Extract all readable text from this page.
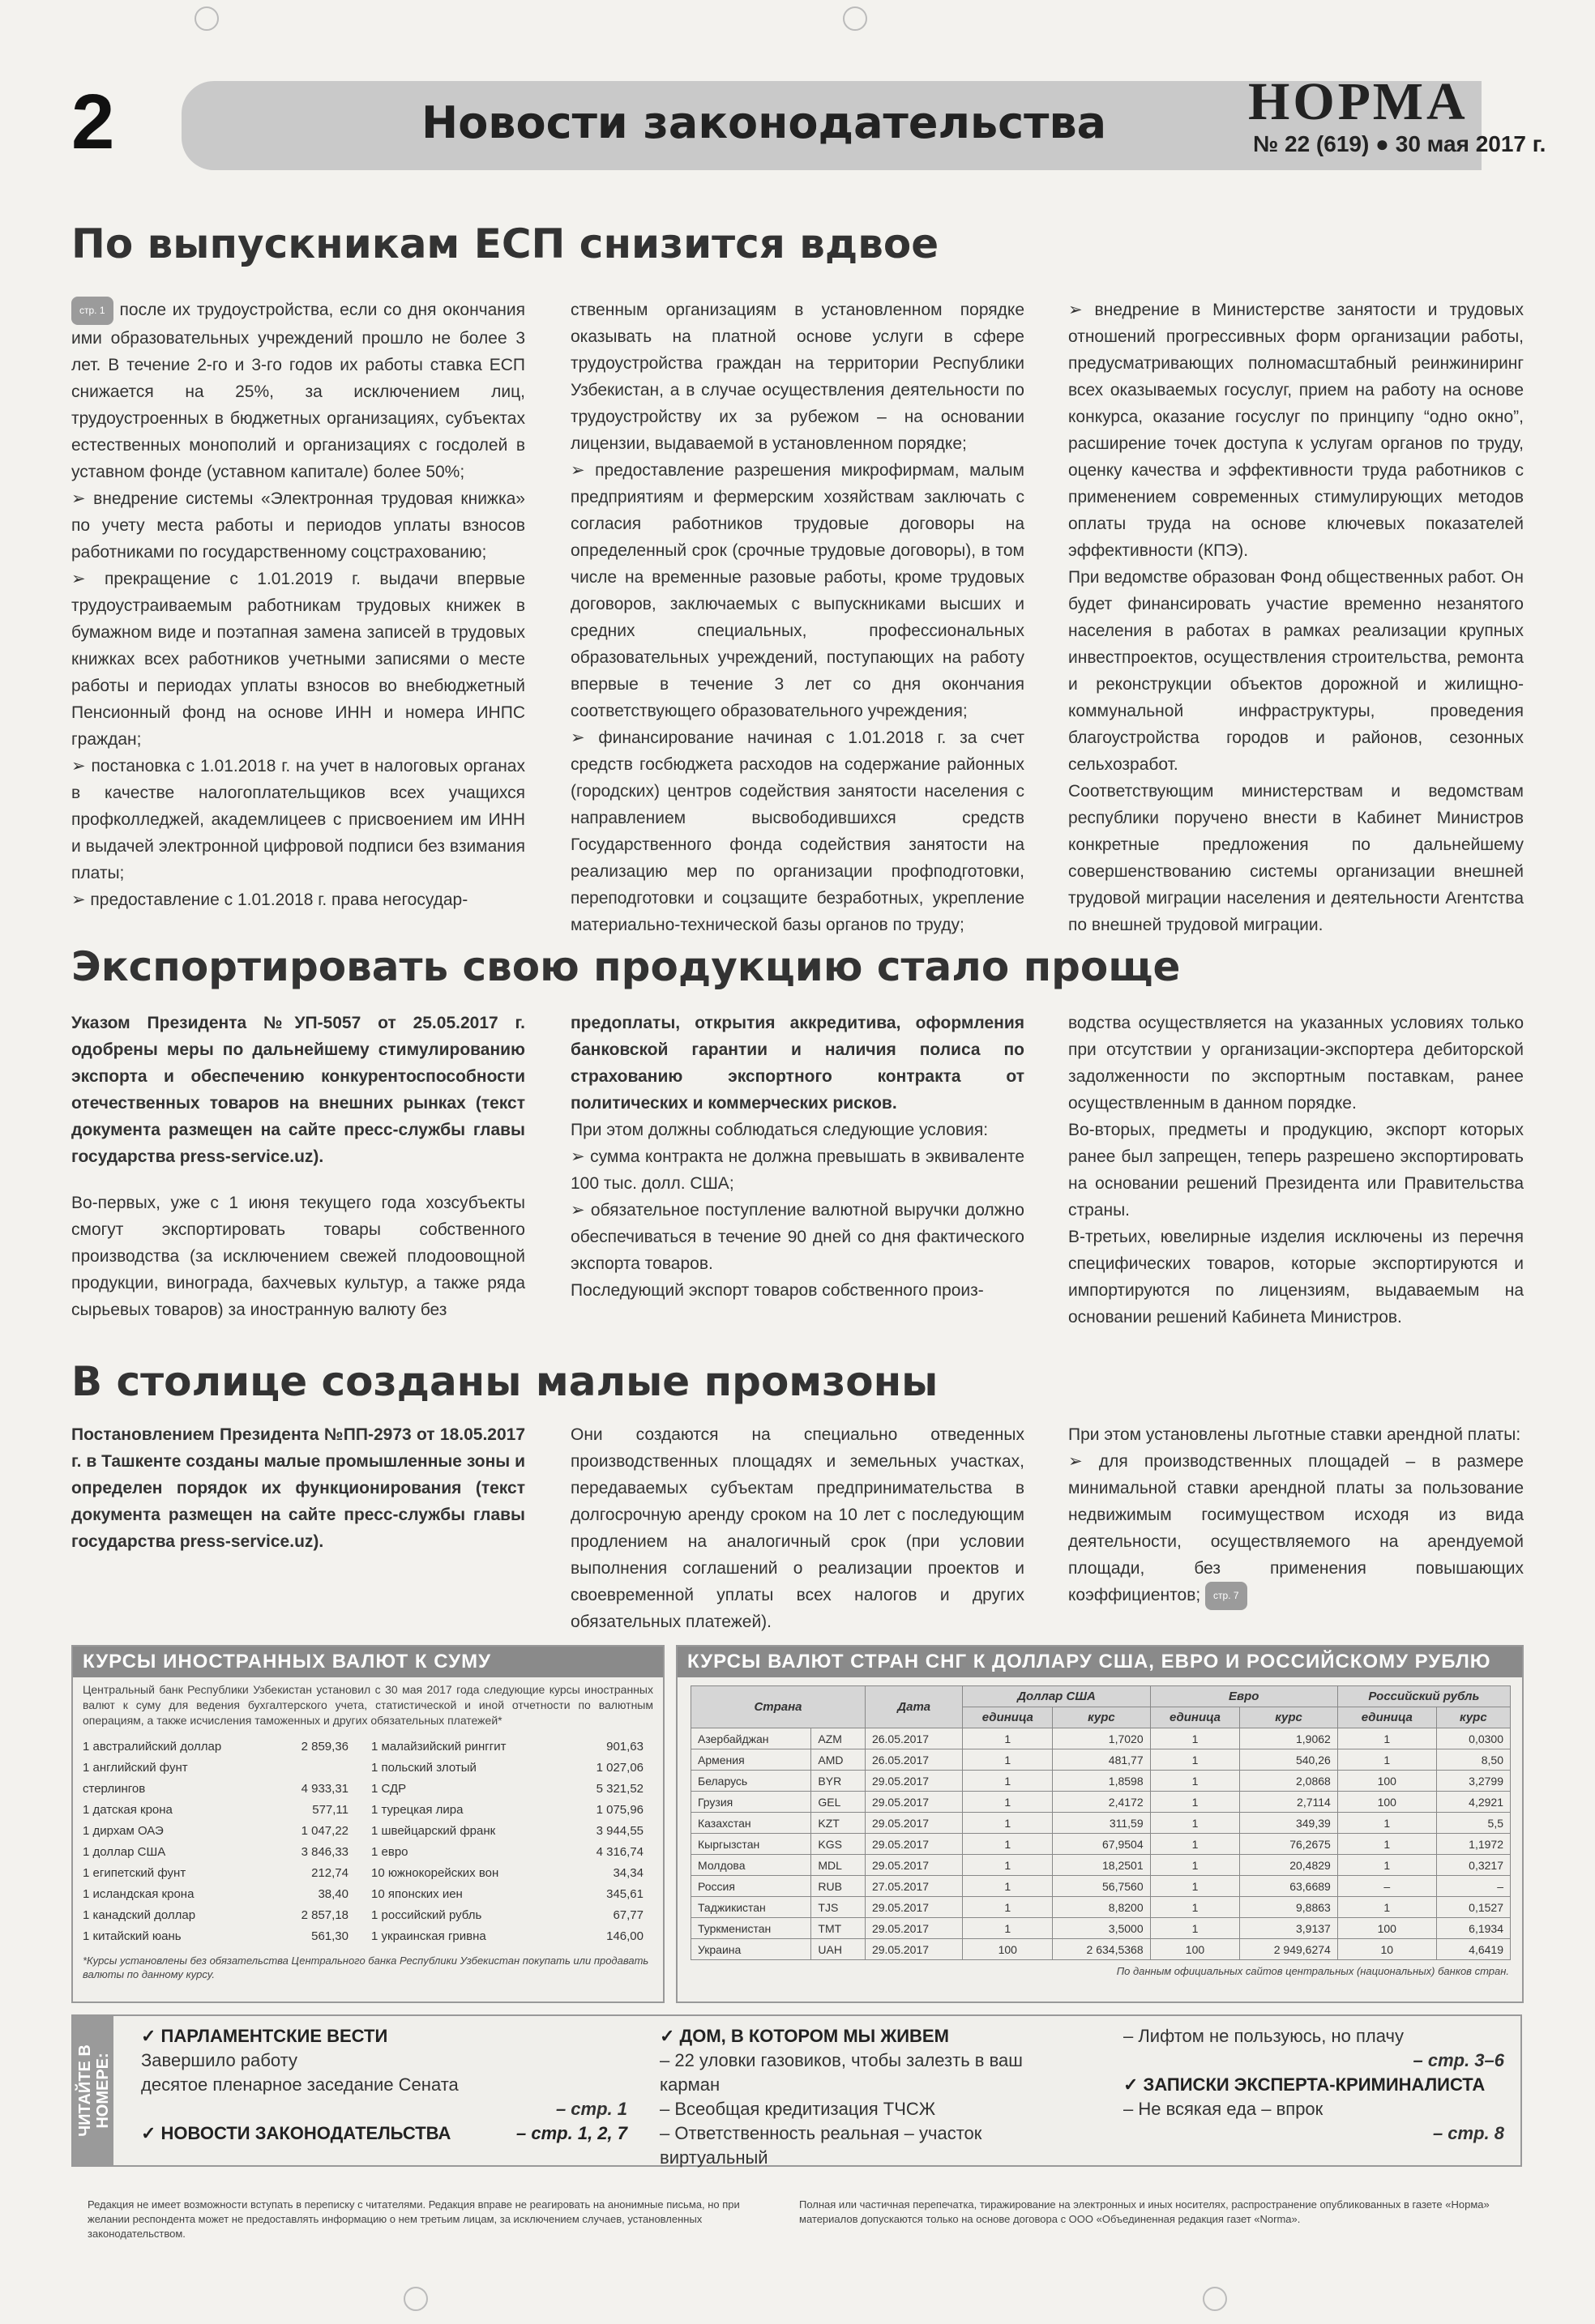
2	Новости законодательства	НОРМА
№ 22 (619) ● 30 мая 2017 г.
По выпускникам ЕСП снизится вдвое

стр. 1 после их трудоустройства, если со дня окончания ими образовательных учреждений прошло не более 3 лет. В течение 2-го и 3-го годов их работы ставка ЕСП снижается на 25%, за исключением лиц, трудоустроенных в бюджетных организациях, субъектах естественных монополий и организациях с госдолей в уставном фонде (уставном капитале) более 50%;

➢ внедрение системы «Электронная трудовая книжка» по учету места работы и периодов уплаты взносов работниками по государственному соцстрахованию;

➢ прекращение с 1.01.2019 г. выдачи впервые трудоустраиваемым работникам трудовых книжек в бумажном виде и поэтапная замена записей в трудовых книжках всех работников учетными записями о месте работы и периодах уплаты взносов во внебюджетный Пенсионный фонд на основе ИНН и номера ИНПС граждан;

➢ постановка с 1.01.2018 г. на учет в налоговых органах в качестве налогоплательщиков всех учащихся профколледжей, академлицеев с присвоением им ИНН и выдачей электронной цифровой подписи без взимания платы;

➢ предоставление с 1.01.2018 г. права негосудар-

ственным организациям в установленном порядке оказывать на платной основе услуги в сфере трудоустройства граждан на территории Республики Узбекистан, а в случае осуществления деятельности по трудоустройству их за рубежом – на основании лицензии, выдаваемой в установленном порядке;

➢ предоставление разрешения микрофирмам, малым предприятиям и фермерским хозяйствам заключать с согласия работников трудовые договоры на определенный срок (срочные трудовые договоры), в том числе на временные разовые работы, кроме трудовых договоров, заключаемых с выпускниками высших и средних специальных, профессиональных образовательных учреждений, поступающих на работу впервые в течение 3 лет со дня окончания соответствующего образовательного учреждения;

➢ финансирование начиная с 1.01.2018 г. за счет средств госбюджета расходов на содержание районных (городских) центров содействия занятости населения с направлением высвободившихся средств Государственного фонда содействия занятости на реализацию мер по организации профподготовки, переподготовки и соцзащите безработных, укрепление материально-технической базы органов по труду;

➢ внедрение в Министерстве занятости и трудовых отношений прогрессивных форм организации работы, предусматривающих полномасштабный реинжиниринг всех оказываемых госуслуг, прием на работу на основе конкурса, оказание госуслуг по принципу “одно окно”, расширение точек доступа к услугам органов по труду, оценку качества и эффективности труда работников с применением современных стимулирующих методов оплаты труда на основе ключевых показателей эффективности (КПЭ).

При ведомстве образован Фонд общественных работ. Он будет финансировать участие временно незанятого населения в работах в рамках реализации крупных инвестпроектов, осуществления строительства, ремонта и реконструкции объектов дорожной и жилищно-коммунальной инфраструктуры, проведения благоустройства городов и районов, сезонных сельхозработ.

Соответствующим министерствам и ведомствам республики поручено внести в Кабинет Министров конкретные предложения по дальнейшему совершенствованию системы организации внешней трудовой миграции населения и деятельности Агентства по внешней трудовой миграции.

Экспортировать свою продукцию стало проще

Указом Президента №УП-5057 от 25.05.2017 г. одобрены меры по дальнейшему стимулированию экспорта и обеспечению конкурентоспособности отечественных товаров на внешних рынках (текст документа размещен на сайте пресс-службы главы государства press-service.uz).

Во-первых, уже с 1 июня текущего года хозсубъекты смогут экспортировать товары собственного производства (за исключением свежей плодоовощной продукции, винограда, бахчевых культур, а также ряда сырьевых товаров) за иностранную валюту без

предоплаты, открытия аккредитива, оформления банковской гарантии и наличия полиса по страхованию экспортного контракта от политических и коммерческих рисков.

При этом должны соблюдаться следующие условия:

➢ сумма контракта не должна превышать в эквиваленте 100 тыс. долл. США;

➢ обязательное поступление валютной выручки должно обеспечиваться в течение 90 дней со дня фактического экспорта товаров.

Последующий экспорт товаров собственного произ-

водства осуществляется на указанных условиях только при отсутствии у организации-экспортера дебиторской задолженности по экспортным поставкам, ранее осуществленным в данном порядке.

Во-вторых, предметы и продукцию, экспорт которых ранее был запрещен, теперь разрешено экспортировать на основании решений Президента или Правительства страны.

В-третьих, ювелирные изделия исключены из перечня специфических товаров, которые экспортируются и импортируются по лицензиям, выдаваемым на основании решений Кабинета Министров.

В столице созданы малые промзоны

Постановлением Президента №ПП-2973 от 18.05.2017 г. в Ташкенте созданы малые промышленные зоны и определен порядок их функционирования (текст документа размещен на сайте пресс-службы главы государства press-service.uz).

Они создаются на специально отведенных производственных площадях и земельных участках, передаваемых субъектам предпринимательства в долгосрочную аренду сроком на 10 лет с последующим продлением на аналогичный срок (при условии выполнения соглашений о реализации проектов и своевременной уплаты всех налогов и других обязательных платежей).

При этом установлены льготные ставки арендной платы:

➢ для производственных площадей – в размере минимальной ставки арендной платы за пользование недвижимым госимуществом исходя из вида деятельности, осуществляемого на арендуемой площади, без применения повышающих коэффициентов; стр. 7

КУРСЫ ИНОСТРАННЫХ ВАЛЮТ К СУМУ
Центральный банк Республики Узбекистан установил с 30 мая 2017 года следующие курсы иностранных валют к суму для ведения бухгалтерского учета, статистической и иной отчетности по валютным операциям, а также исчисления таможенных и других обязательных платежей*
1 австралийский доллар	2 859,36
1 английский фунт
стерлингов	4 933,31
1 датская крона	577,11
1 дирхам ОАЭ	1 047,22
1 доллар США	3 846,33
1 египетский фунт	212,74
1 исландская крона	38,40
1 канадский доллар	2 857,18
1 китайский юань	561,30
1 малайзийский ринггит	901,63
1 польский злотый	1 027,06
1 СДР	5 321,52
1 турецкая лира	1 075,96
1 швейцарский франк	3 944,55
1 евро	4 316,74
10 южнокорейских вон	34,34
10 японских иен	345,61
1 российский рубль	67,77
1 украинская гривна	146,00
*Курсы установлены без обязательства Центрального банка Республики Узбекистан покупать или продавать валюты по данному курсу.
КУРСЫ ВАЛЮТ СТРАН СНГ К ДОЛЛАРУ США, ЕВРО И РОССИЙСКОМУ РУБЛЮ
Страна		Дата	Доллар США		Евро		Российский рубль	
			единица	курс	единица	курс	единица	курс
Азербайджан	AZM	26.05.2017	1	1,7020	1	1,9062	1	0,0300
Армения	AMD	26.05.2017	1	481,77	1	540,26	1	8,50
Беларусь	BYR	29.05.2017	1	1,8598	1	2,0868	100	3,2799
Грузия	GEL	29.05.2017	1	2,4172	1	2,7114	100	4,2921
Казахстан	KZT	29.05.2017	1	311,59	1	349,39	1	5,5
Кыргызстан	KGS	29.05.2017	1	67,9504	1	76,2675	1	1,1972
Молдова	MDL	29.05.2017	1	18,2501	1	20,4829	1	0,3217
Россия	RUB	27.05.2017	1	56,7560	1	63,6689	–	–
Таджикистан	TJS	29.05.2017	1	8,8200	1	9,8863	1	0,1527
Туркменистан	TMT	29.05.2017	1	3,5000	1	3,9137	100	6,1934
Украина	UAH	29.05.2017	100	2 634,5368	100	2 949,6274	10	4,6419
По данным официальных сайтов центральных (национальных) банков стран.
ЧИТАЙТЕ В НОМЕРЕ:
✓ ПАРЛАМЕНТСКИЕ ВЕСТИ
Завершило работу
десятое пленарное заседание Сената
– стр. 1
✓ НОВОСТИ ЗАКОНОДАТЕЛЬСТВА	– стр. 1, 2, 7
✓ ДОМ, В КОТОРОМ МЫ ЖИВЕМ
– 22 уловки газовиков, чтобы залезть в ваш карман
– Всеобщая кредитизация ТЧСЖ
– Ответственность реальная – участок виртуальный
– Лифтом не пользуюсь, но плачу
– стр. 3–6
✓ ЗАПИСКИ ЭКСПЕРТА-КРИМИНАЛИСТА
– Не всякая еда – впрок
– стр. 8
Редакция не имеет возможности вступать в переписку с читателями. Редакция вправе не реагировать на анонимные письма, но при желании респондента может не предоставлять информацию о нем третьим лицам, за исключением случаев, установленных законодательством.
Полная или частичная перепечатка, тиражирование на электронных и иных носителях, распространение опубликованных в газете «Норма» материалов допускаются только на основе договора с ООО «Объединенная редакция газет «Norma».
